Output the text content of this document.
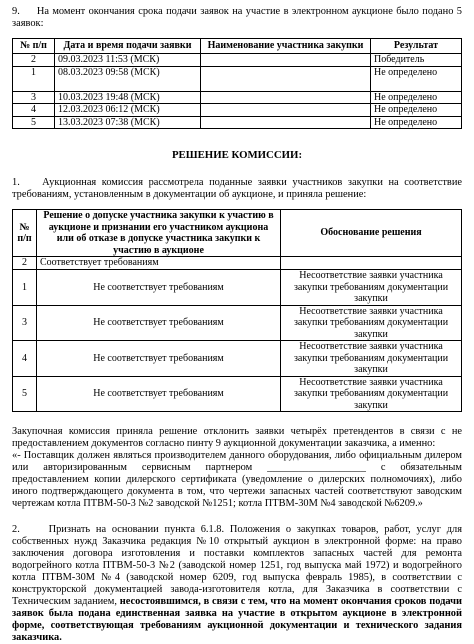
9.     На момент окончания срока подачи заявок на участие в электронном аукционе было подано 5 заявок:

№ п/п	Дата и время подачи заявки	Наименование участника закупки	Результат
2	09.03.2023 11:53 (МСК)		Победитель
1	08.03.2023 09:58 (МСК)		Не определено
3	10.03.2023 19:48 (МСК)		Не определено
4	12.03.2023 06:12 (МСК)		Не определено
5	13.03.2023 07:38 (МСК)		Не определено

РЕШЕНИЕ КОМИССИИ:

1.    Аукционная комиссия рассмотрела поданные заявки участников закупки на соответствие требованиям, установленным в документации об аукционе, и приняла решение:

№ п/п	Решение о допуске участника закупки к участию в аукционе и признании его участником аукциона или об отказе в допуске участника закупки к участию в аукционе	Обоснование решения
2	Соответствует требованиям	
1	Не соответствует требованиям	Несоответствие заявки участника закупки требованиям документации закупки
3	Не соответствует требованиям	Несоответствие заявки участника закупки требованиям документации закупки
4	Не соответствует требованиям	Несоответствие заявки участника закупки требованиям документации закупки
5	Не соответствует требованиям	Несоответствие заявки участника закупки требованиям документации закупки

Закупочная комиссия приняла решение отклонить заявки четырёх претендентов в связи с не предоставлением документов согласно пинту 9 аукционной документации заказчика, а именно:

«- Поставщик должен являться производителем данного оборудования, либо официальным дилером или авторизированным сервисным партнером ___________________ с обязательным предоставлением копии дилерского сертификата (уведомление о дилерских полномочиях), либо иного подтверждающего документа в том, что чертежи запасных частей соответствуют заводским чертежам котла ПТВМ-50-3 №2 заводской №1251; котла ПТВМ-30М №4 заводской №6209.»

2.     Признать на основании пункта 6.1.8. Положения о закупках товаров, работ, услуг для собственных нужд Заказчика редакция №10 открытый аукцион в электронной форме: на право заключения договора изготовления и поставки комплектов запасных частей для ремонта водогрейного котла ПТВМ-50-3 №2 (заводской номер 1251, год выпуска май 1972) и водогрейного котла ПТВМ-30М №4 (заводской номер 6209, год выпуска февраль 1985), в соответствии с конструкторской документацией завода-изготовителя котла, для Заказчика в соответствии с Техническим заданием, несостоявшимся, в связи с тем, что на момент окончания сроков подачи заявок была подана единственная заявка на участие в открытом аукционе в электронной форме, соответствующая требованиям аукционной документации и технического задания заказчика.
